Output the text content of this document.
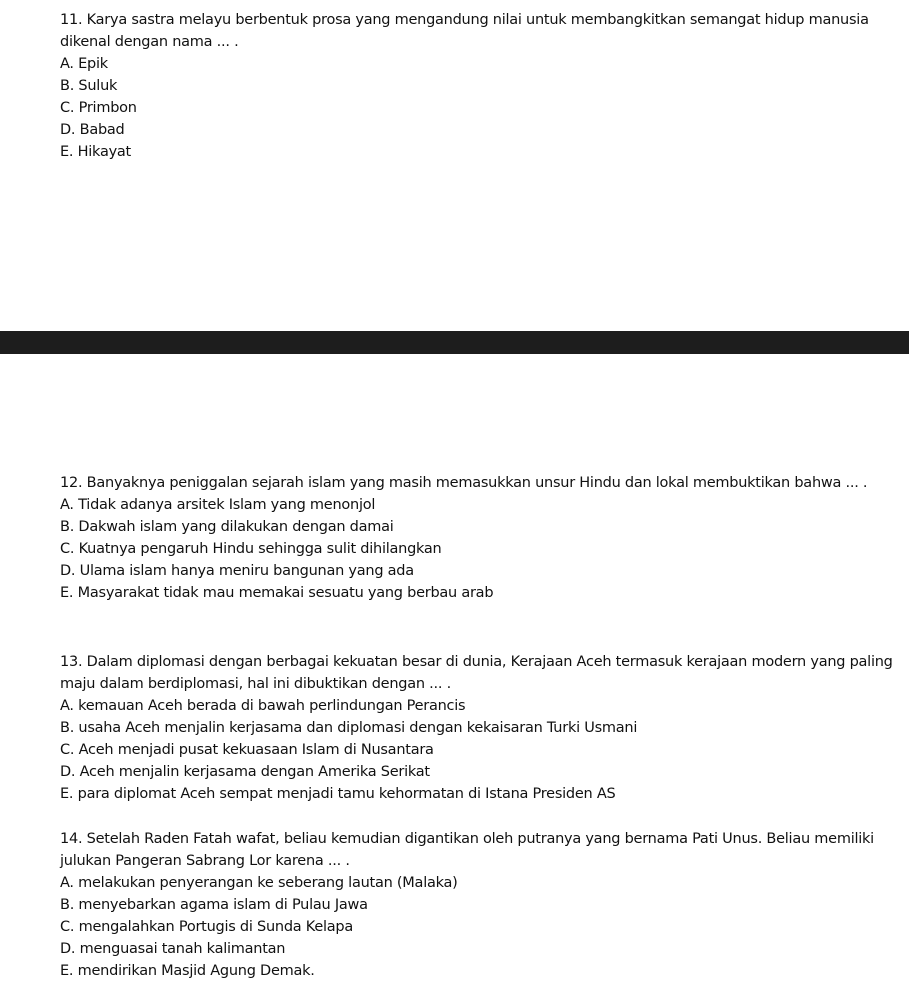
11. Karya sastra melayu berbentuk prosa yang mengandung nilai untuk membangkitkan semangat hidup manusia dikenal dengan nama ... .

A. Epik

B. Suluk

C. Primbon

D. Babad

E. Hikayat

12. Banyaknya peniggalan sejarah islam yang masih memasukkan unsur Hindu dan lokal membuktikan bahwa ... .

A. Tidak adanya arsitek Islam yang menonjol

B. Dakwah islam yang dilakukan dengan damai

C. Kuatnya pengaruh Hindu sehingga sulit dihilangkan

D. Ulama islam hanya meniru bangunan yang ada

E. Masyarakat tidak mau memakai sesuatu yang berbau arab

13. Dalam diplomasi dengan berbagai kekuatan besar di dunia, Kerajaan Aceh termasuk kerajaan modern yang paling maju dalam berdiplomasi, hal ini dibuktikan dengan ... .

A. kemauan Aceh berada di bawah perlindungan Perancis

B. usaha Aceh menjalin kerjasama dan diplomasi dengan kekaisaran Turki Usmani

C. Aceh menjadi pusat kekuasaan Islam di Nusantara

D. Aceh menjalin kerjasama dengan Amerika Serikat

E. para diplomat Aceh sempat menjadi tamu kehormatan di Istana Presiden AS

14. Setelah Raden Fatah wafat, beliau kemudian digantikan oleh putranya yang bernama Pati Unus. Beliau memiliki julukan Pangeran Sabrang Lor karena ... .

A. melakukan penyerangan ke seberang lautan (Malaka)

B. menyebarkan agama islam di Pulau Jawa

C. mengalahkan Portugis di Sunda Kelapa

D. menguasai tanah kalimantan

E. mendirikan Masjid Agung Demak.
